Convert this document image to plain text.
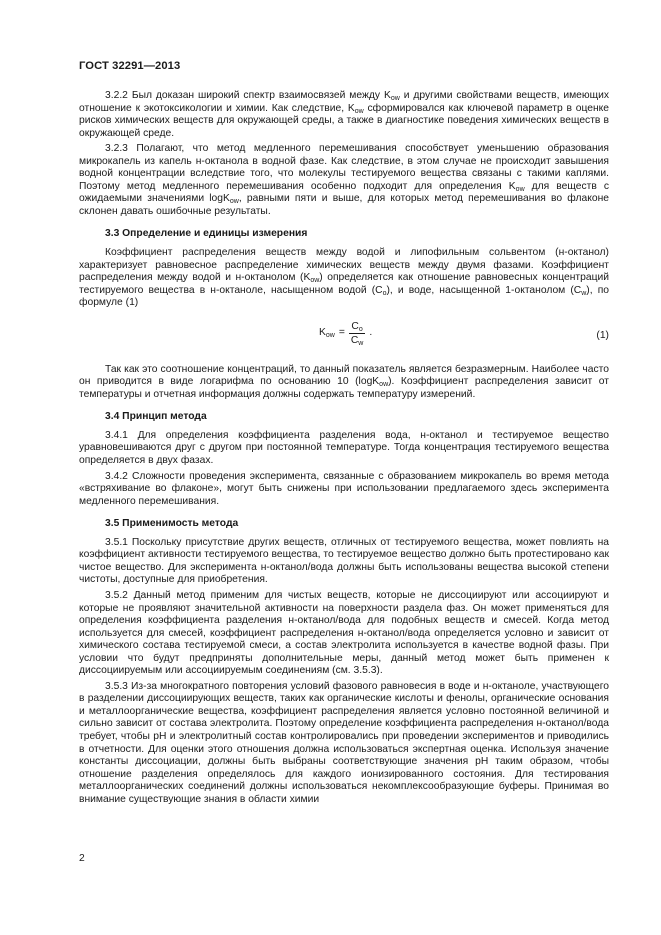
ГОСТ 32291—2013

3.2.2 Был доказан широкий спектр взаимосвязей между $K_{ow}$ и другими свойствами веществ, имеющих отношение к экотоксикологии и химии. Как следствие, $K_{ow}$ сформировался как ключевой параметр в оценке рисков химических веществ для окружающей среды, а также в диагностике поведения химических веществ в окружающей среде.

3.2.3 Полагают, что метод медленного перемешивания способствует уменьшению образования микрокапель из капель н-октанола в водной фазе. Как следствие, в этом случае не происходит завышения водной концентрации вследствие того, что молекулы тестируемого вещества связаны с такими каплями. Поэтому метод медленного перемешивания особенно подходит для определения $K_{ow}$ для веществ с ожидаемыми значениями logK$_{ow}$, равными пяти и выше, для которых метод перемешивания во флаконе склонен давать ошибочные результаты.

3.3 Определение и единицы измерения

Коэффициент распределения веществ между водой и липофильным сольвентом (н-октанол) характеризует равновесное распределение химических веществ между двумя фазами. Коэффициент распределения между водой и н-октанолом $(K_{ow})$ определяется как отношение равновесных концентраций тестируемого вещества в н-октаноле, насыщенном водой $(C_o)$, и воде, насыщенной 1-октанолом $(C_w)$, по формуле (1)

$K_{ow} = \frac{C_o}{C_w}$ .	(1)

Так как это соотношение концентраций, то данный показатель является безразмерным. Наиболее часто он приводится в виде логарифма по основанию 10 (logK$_{ow}$). Коэффициент распределения зависит от температуры и отчетная информация должны содержать температуру измерений.

3.4 Принцип метода

3.4.1 Для определения коэффициента разделения вода, н-октанол и тестируемое вещество уравновешиваются друг с другом при постоянной температуре. Тогда концентрация тестируемого вещества определяется в двух фазах.

3.4.2 Сложности проведения эксперимента, связанные с образованием микрокапель во время метода «встряхивание во флаконе», могут быть снижены при использовании предлагаемого здесь эксперимента медленного перемешивания.

3.5 Применимость метода

3.5.1 Поскольку присутствие других веществ, отличных от тестируемого вещества, может повлиять на коэффициент активности тестируемого вещества, то тестируемое вещество должно быть протестировано как чистое вещество. Для эксперимента н-октанол/вода должны быть использованы вещества высокой степени чистоты, доступные для приобретения.

3.5.2 Данный метод применим для чистых веществ, которые не диссоциируют или ассоциируют и которые не проявляют значительной активности на поверхности раздела фаз. Он может применяться для определения коэффициента разделения н-октанол/вода для подобных веществ и смесей. Когда метод используется для смесей, коэффициент распределения н-октанол/вода определяется условно и зависит от химического состава тестируемой смеси, а состав электролита используется в качестве водной фазы. При условии что будут предприняты дополнительные меры, данный метод может быть применен к диссоциируемым или ассоциируемым соединениям (см. 3.5.3).

3.5.3 Из-за многократного повторения условий фазового равновесия в воде и н-октаноле, участвующего в разделении диссоциирующих веществ, таких как органические кислоты и фенолы, органические основания и металлоорганические вещества, коэффициент распределения является условно постоянной величиной и сильно зависит от состава электролита. Поэтому определение коэффициента распределения н-октанол/вода требует, чтобы pH и электролитный состав контролировались при проведении экспериментов и приводились в отчетности. Для оценки этого отношения должна использоваться экспертная оценка. Используя значение константы диссоциации, должны быть выбраны соответствующие значения pH таким образом, чтобы отношение разделения определялось для каждого ионизированного состояния. Для тестирования металлоорганических соединений должны использоваться некомплексообразующие буферы. Принимая во внимание существующие знания в области химии

2
